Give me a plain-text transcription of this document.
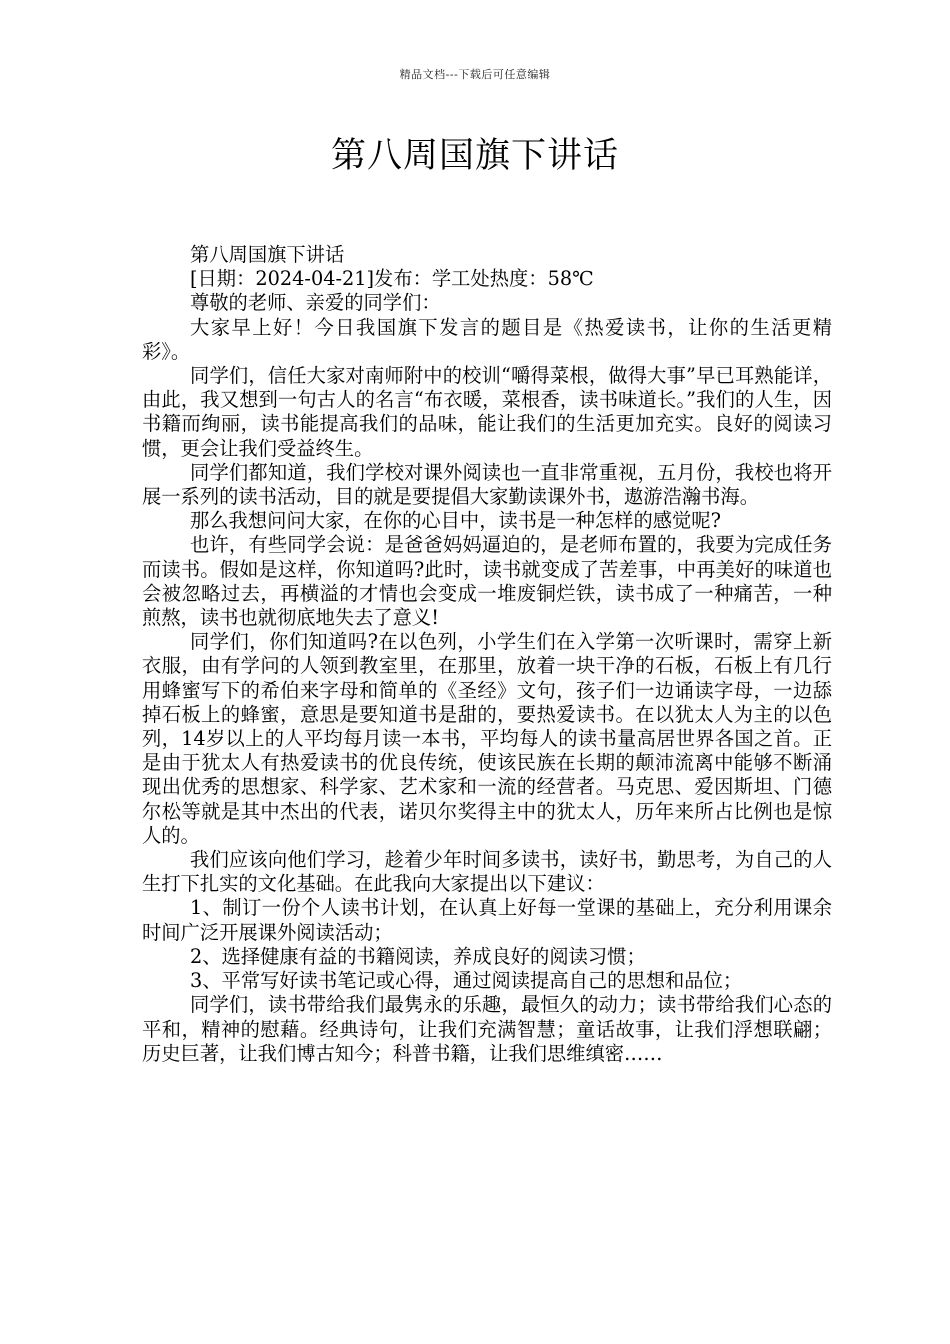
精品文档---下载后可任意编辑
第八周国旗下讲话

第八周国旗下讲话

[日期：2024-04-21]发布：学工处热度：58℃

尊敬的老师、亲爱的同学们：

大家早上好！今日我国旗下发言的题目是《热爱读书，让你的生活更精彩》。

同学们，信任大家对南师附中的校训“嚼得菜根，做得大事”早已耳熟能详，由此，我又想到一句古人的名言“布衣暖，菜根香，读书味道长。”我们的人生，因书籍而绚丽，读书能提高我们的品味，能让我们的生活更加充实。良好的阅读习惯，更会让我们受益终生。

同学们都知道，我们学校对课外阅读也一直非常重视，五月份，我校也将开展一系列的读书活动，目的就是要提倡大家勤读课外书，遨游浩瀚书海。

那么我想问问大家，在你的心目中，读书是一种怎样的感觉呢?

也许，有些同学会说：是爸爸妈妈逼迫的，是老师布置的，我要为完成任务而读书。假如是这样，你知道吗?此时，读书就变成了苦差事，中再美好的味道也会被忽略过去，再横溢的才情也会变成一堆废铜烂铁，读书成了一种痛苦，一种煎熬，读书也就彻底地失去了意义!

同学们，你们知道吗?在以色列，小学生们在入学第一次听课时，需穿上新衣服，由有学问的人领到教室里，在那里，放着一块干净的石板，石板上有几行用蜂蜜写下的希伯来字母和简单的《圣经》文句，孩子们一边诵读字母，一边舔掉石板上的蜂蜜，意思是要知道书是甜的，要热爱读书。在以犹太人为主的以色列，14岁以上的人平均每月读一本书，平均每人的读书量高居世界各国之首。正是由于犹太人有热爱读书的优良传统，使该民族在长期的颠沛流离中能够不断涌现出优秀的思想家、科学家、艺术家和一流的经营者。马克思、爱因斯坦、门德尔松等就是其中杰出的代表，诺贝尔奖得主中的犹太人，历年来所占比例也是惊人的。

我们应该向他们学习，趁着少年时间多读书，读好书，勤思考，为自己的人生打下扎实的文化基础。在此我向大家提出以下建议：

1、制订一份个人读书计划，在认真上好每一堂课的基础上，充分利用课余时间广泛开展课外阅读活动；

2、选择健康有益的书籍阅读，养成良好的阅读习惯；

3、平常写好读书笔记或心得，通过阅读提高自己的思想和品位；

同学们，读书带给我们最隽永的乐趣，最恒久的动力；读书带给我们心态的平和，精神的慰藉。经典诗句，让我们充满智慧；童话故事，让我们浮想联翩；历史巨著，让我们博古知今；科普书籍，让我们思维缜密……
